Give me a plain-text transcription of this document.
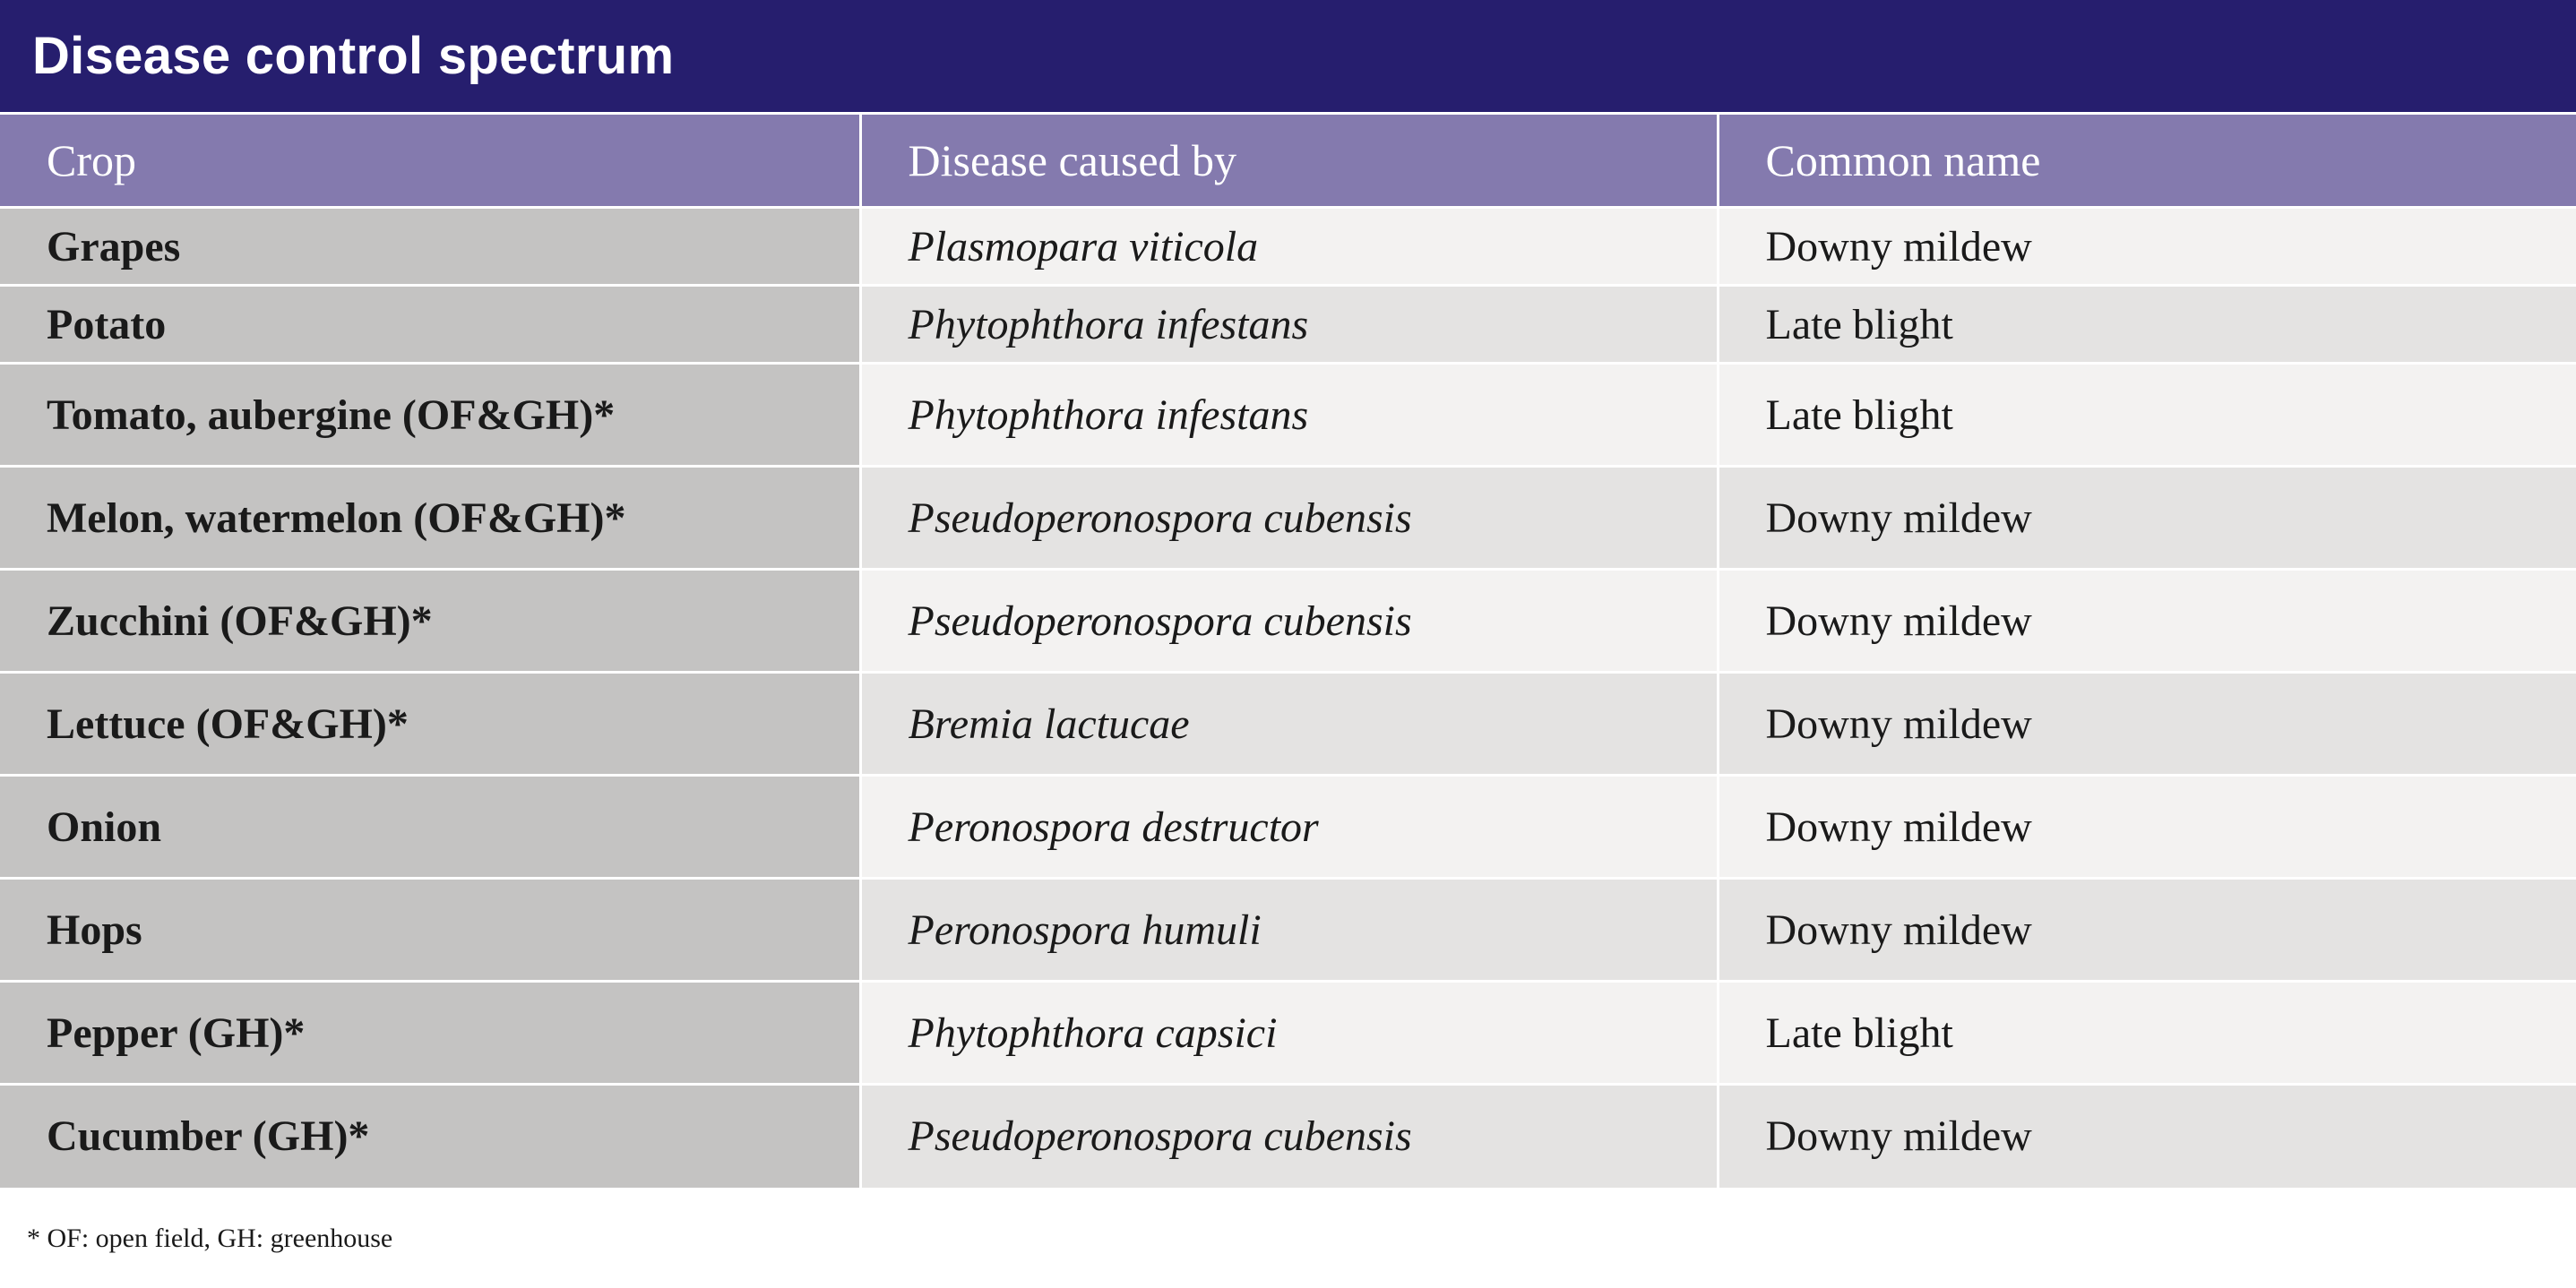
Disease control spectrum
Crop	Disease caused by	Common name
Grapes	Plasmopara viticola	Downy mildew
Potato	Phytophthora infestans	Late blight
Tomato, aubergine (OF&GH)*	Phytophthora infestans	Late blight
Melon, watermelon (OF&GH)*	Pseudoperonospora cubensis	Downy mildew
Zucchini (OF&GH)*	Pseudoperonospora cubensis	Downy mildew
Lettuce (OF&GH)*	Bremia lactucae	Downy mildew
Onion	Peronospora destructor	Downy mildew
Hops	Peronospora humuli	Downy mildew
Pepper (GH)*	Phytophthora capsici	Late blight
Cucumber (GH)*	Pseudoperonospora cubensis	Downy mildew
* OF: open field, GH: greenhouse
